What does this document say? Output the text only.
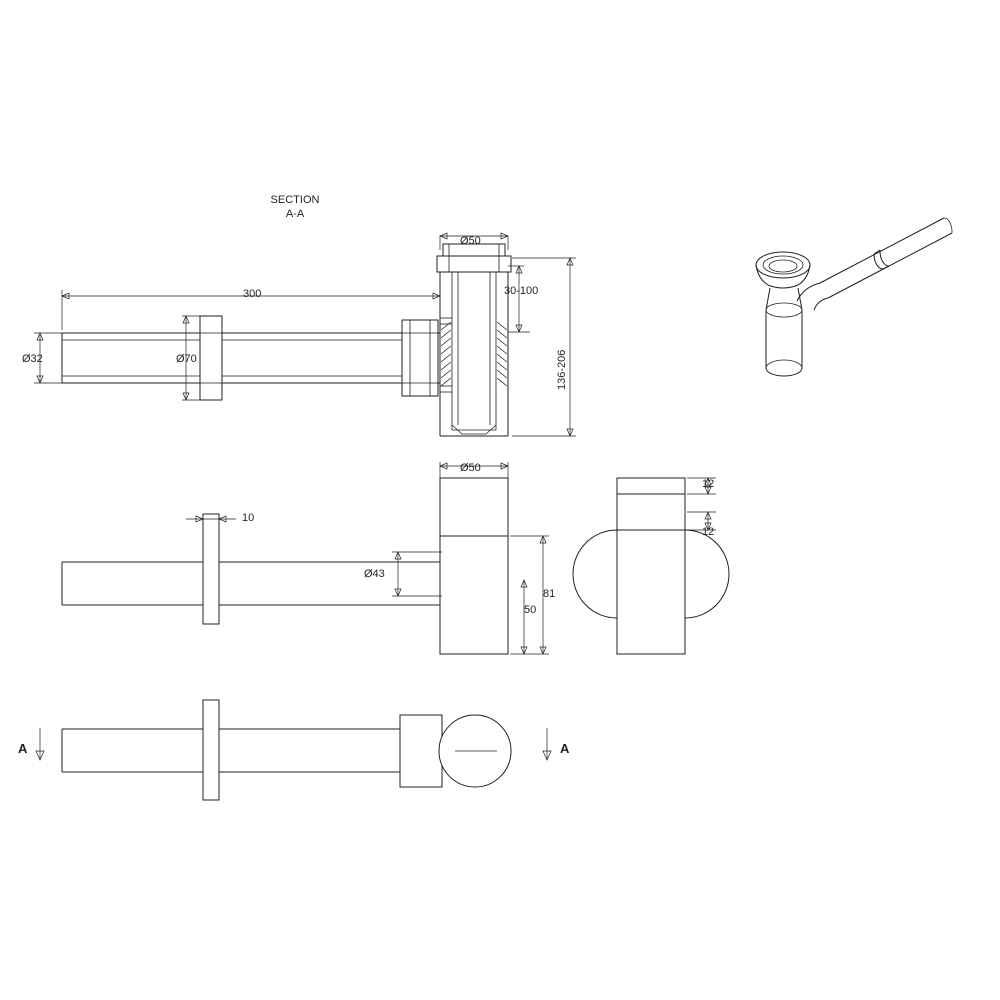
SECTION
A-A
Ø50
300
Ø32	Ø70
30-100
136-206
Ø50
10
Ø43
50
81
12
12
A	A
